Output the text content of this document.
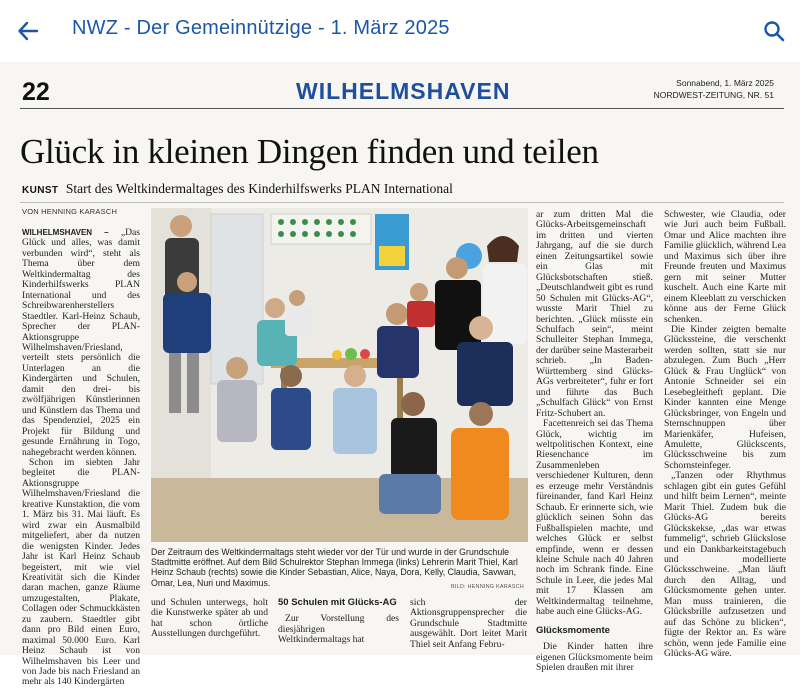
NWZ - Der Gemeinnützige - 1. März 2025
22	WILHELMSHAVEN	Sonnabend, 1. März 2025
NORDWEST-ZEITUNG, NR. 51
Glück in kleinen Dingen finden und teilen
KUNST Start des Weltkindermaltages des Kinderhilfswerks PLAN International
VON HENNING KARASCH

WILHELMSHAVEN – „Das Glück und alles, was damit verbunden wird“, steht als Thema über dem Weltkindermaltag des Kinderhilfswerks PLAN International und des Schreibwarenherstellers Staedtler. Karl-Heinz Schaub, Sprecher der PLAN-Aktionsgruppe Wilhelmshaven/Friesland, verteilt stets persönlich die Unterlagen an die Kindergärten und Schulen, damit den drei- bis zwölfjährigen Künstlerinnen und Künstlern das Thema und das Spendenziel, 2025 ein Projekt für Bildung und gesunde Ernährung in Togo, nahegebracht werden können.

Schon im siebten Jahr begleitet die PLAN-Aktionsgruppe Wilhelmshaven/Friesland die kreative Kunstaktion, die vom 1. März bis 31. Mai läuft. Es wird zwar ein Ausmalbild mitgeliefert, aber da nutzen die wenigsten Kinder. Jedes Jahr ist Karl Heinz Schaub begeistert, mit wie viel Kreativität sich die Kinder daran machen, ganze Räume umzugestalten, Plakate, Collagen oder Schmuckkästen zu zaubern. Staedtler gibt dann pro Bild einen Euro, maximal 50.000 Euro. Karl Heinz Schaub ist von Wilhelmshaven bis Leer und von Jade bis nach Friesland an mehr als 140 Kindergärten

Der Zeitraum des Weltkindermaltags steht wieder vor der Tür und wurde in der Grundschule Stadtmitte eröffnet. Auf dem Bild Schulrektor Stephan Immega (links) Lehrerin Marit Thiel, Karl Heinz Schaub (rechts) sowie die Kinder Sebastian, Alice, Naya, Dora, Kelly, Claudia, Savwan, Omar, Lea, Nuri und Maximus.	BILD: HENNING KARASCH

und Schulen unterwegs, holt die Kunstwerke später ab und hat schon örtliche Ausstellungen durchgeführt.

50 Schulen mit Glücks-AG

Zur Vorstellung des diesjährigen Weltkindermaltags hat

sich der Aktionsgruppensprecher die Grundschule Stadtmitte ausgewählt. Dort leitet Marit Thiel seit Anfang Febru-

ar zum dritten Mal die Glücks-Arbeitsgemeinschaft im dritten und vierten Jahrgang, auf die sie durch einen Zeitungsartikel sowie ein Glas mit Glücksbotschaften stieß. „Deutschlandweit gibt es rund 50 Schulen mit Glücks-AG“, wusste Marit Thiel zu berichten. „Glück müsste ein Schulfach sein“, meint Schulleiter Stephan Immega, der darüber seine Masterarbeit schrieb. „In Baden-Württemberg sind Glücks-AGs verbreiteter“, fuhr er fort und führte das Buch „Schulfach Glück“ von Ernst Fritz-Schubert an.

Facettenreich sei das Thema Glück, wichtig im weltpolitischen Kontext, eine Riesenchance im Zusammenleben verschiedener Kulturen, denn es erzeuge mehr Verständnis füreinander, fand Karl Heinz Schaub. Er erinnerte sich, wie glücklich seinen Sohn das Fußballspielen machte, und welches Glück er selbst empfinde, wenn er dessen kleine Schule nach 40 Jahren noch im Schrank finde. Eine Schule in Leer, die jedes Mal mit 17 Klassen am Weltkindermaltag teilnehme, habe auch eine Glücks-AG.

Glücksmomente

Die Kinder hatten ihre eigenen Glücksmomente beim Spielen draußen mit ihrer

Schwester, wie Claudia, oder wie Juri auch beim Fußball. Omar und Alice machten ihre Familie glücklich, während Lea und Maximus sich über ihre Freunde freuten und Maximus gern mit seiner Mutter kuschelt. Auch eine Karte mit einem Kleeblatt zu verschicken könne aus der Ferne Glück schenken.

Die Kinder zeigten bemalte Glückssteine, die verschenkt werden sollten, statt sie nur abzulegen. Zum Buch „Herr Glück & Frau Unglück“ von Antonie Schneider sei ein Lesebegleitheft geplant. Die Kinder kannten eine Menge Glücksbringer, von Engeln und Sternschnuppen über Marienkäfer, Hufeisen, Amulette, Glückscents, Glücksschweine bis zum Schornsteinfeger.

„Tanzen oder Rhythmus schlagen gibt ein gutes Gefühl und hilft beim Lernen“, meinte Marit Thiel. Zudem buk die Glücks-AG bereits Glückskekse, „das war etwas fummelig“, schrieb Glückslose und ein Dankbarkeitstagebuch und modellierte Glücksschweine. „Man läuft durch den Alltag, und Glücksmomente gehen unter. Man muss trainieren, die Glücksbrille aufzusetzen und auf das Schöne zu blicken“, fügte der Rektor an. Es wäre schön, wenn jede Familie eine Glücks-AG wäre.
